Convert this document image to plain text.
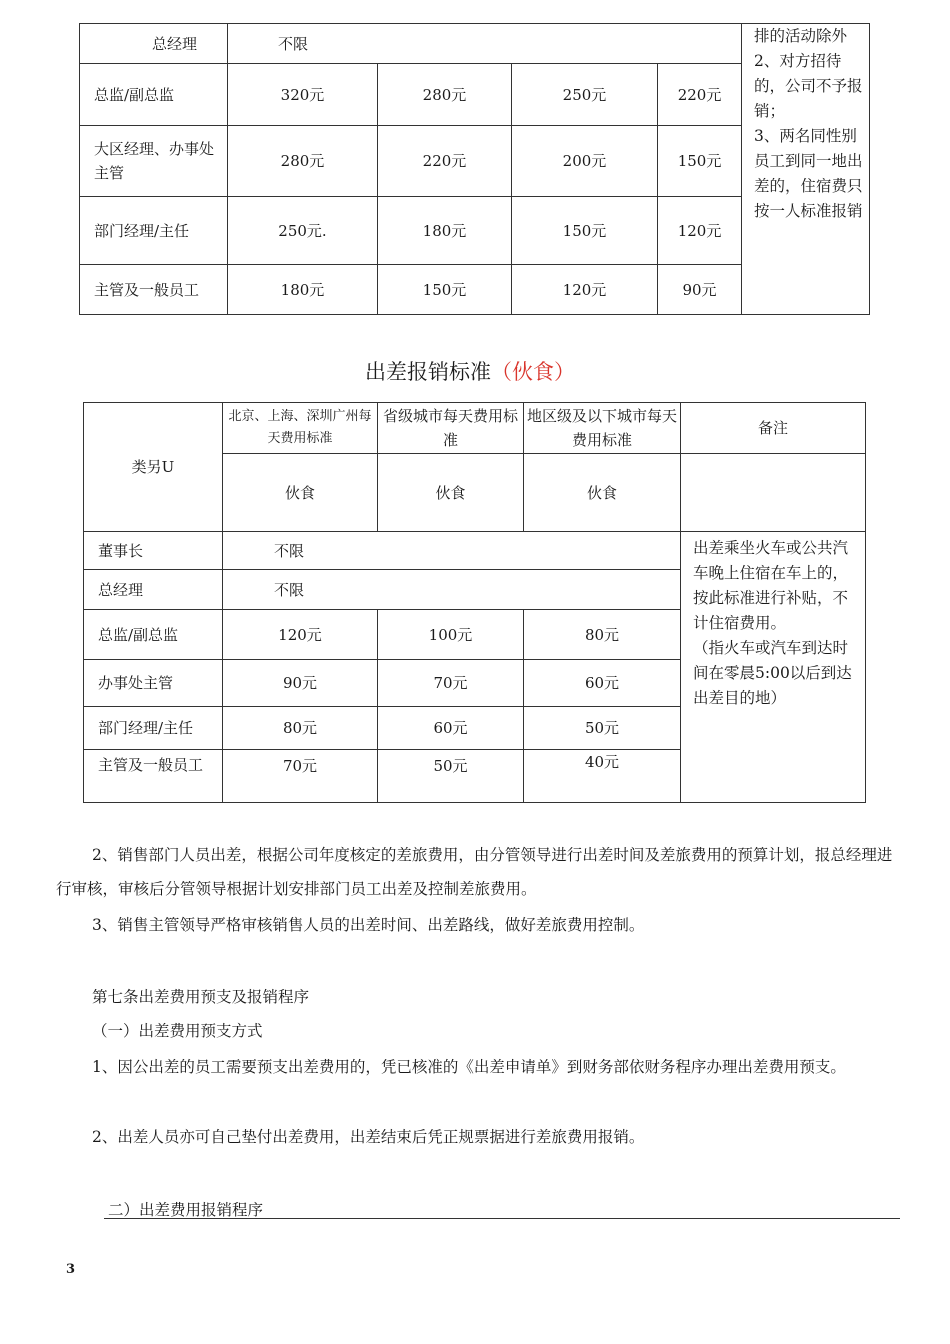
总经理	不限				排的活动除外
2、对方招待的，公司不予报销；
3、两名同性别员工到同一地出差的，住宿费只按一人标准报销
总监/副总监	320元	280元	250元	220元	
大区经理、办事处主管	280元	220元	200元	150元	
部门经理/主任	250元.	180元	150元	120元	
主管及一般员工	180元	150元	120元	90元	
出差报销标准（伙食）
类另U	北京、上海、深圳广州每天费用标准	省级城市每天费用标准	地区级及以下城市每天费用标准	备注
	伙食	伙食	伙食	
董事长	不限			出差乘坐火车或公共汽车晚上住宿在车上的，按此标准进行补贴，不计住宿费用。
（指火车或汽车到达时间在零晨5:00以后到达出差目的地）
总经理	不限			
总监/副总监	120元	100元	80元	
办事处主管	90元	70元	60元	
部门经理/主任	80元	60元	50元	
主管及一般员工	70元	50元	40元	
2、销售部门人员出差，根据公司年度核定的差旅费用，由分管领导进行出差时间及差旅费用的预算计划，报总经理进行审核，审核后分管领导根据计划安排部门员工出差及控制差旅费用。
3、销售主管领导严格审核销售人员的出差时间、出差路线，做好差旅费用控制。
第七条出差费用预支及报销程序
（一）出差费用预支方式
1、因公出差的员工需要预支出差费用的，凭已核准的《出差申请单》到财务部依财务程序办理出差费用预支。
2、出差人员亦可自己垫付出差费用，出差结束后凭正规票据进行差旅费用报销。
二）出差费用报销程序
3
